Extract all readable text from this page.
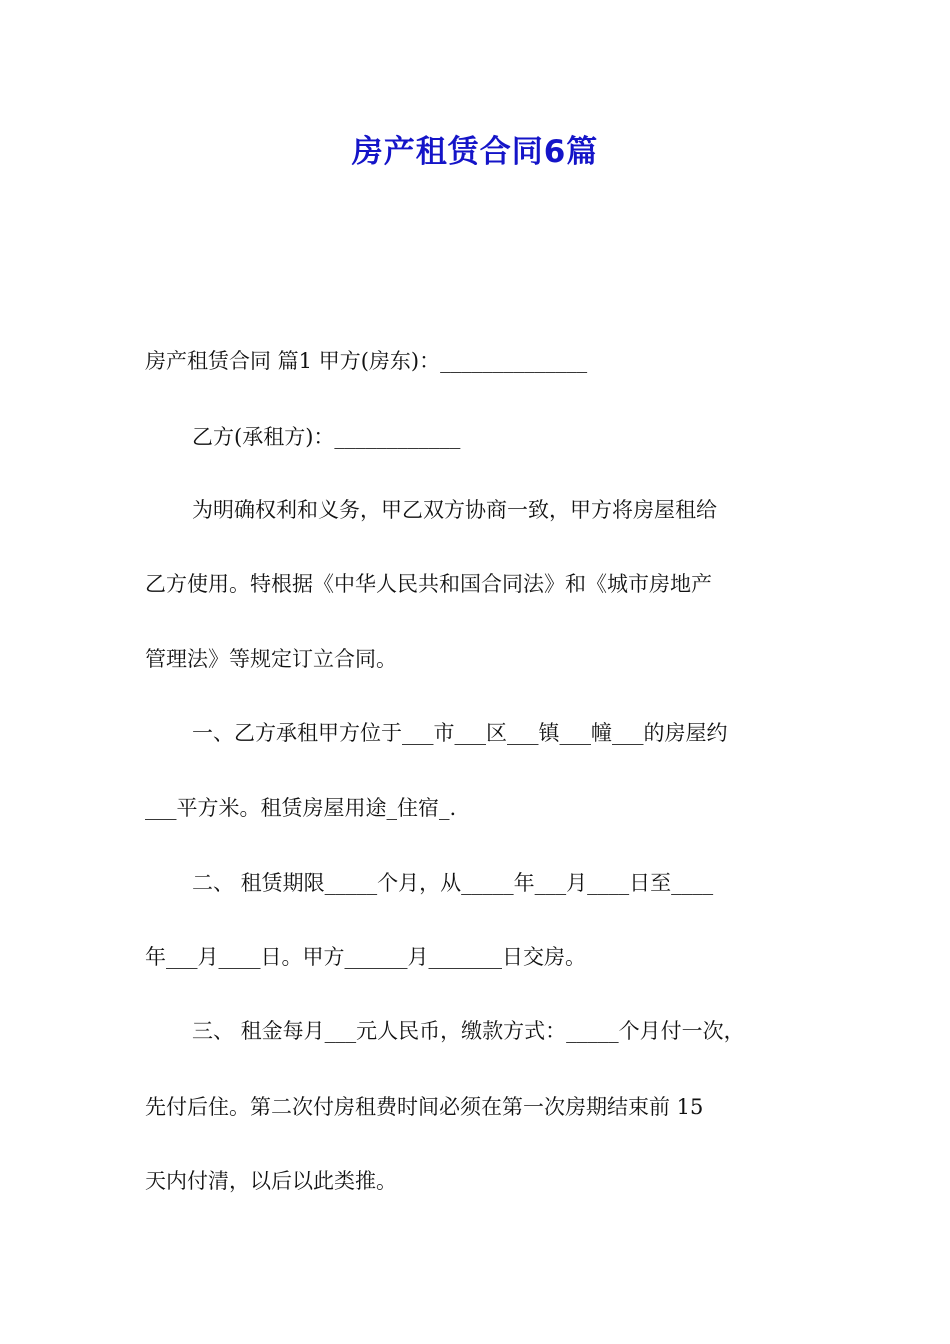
房产租赁合同6篇
房产租赁合同 篇1 甲方(房东)：______________
乙方(承租方)：____________
为明确权利和义务，甲乙双方协商一致，甲方将房屋租给
乙方使用。特根据《中华人民共和国合同法》和《城市房地产
管理法》等规定订立合同。
一、乙方承租甲方位于___市___区___镇___幢___的房屋约
___平方米。租赁房屋用途_住宿_.
二、 租赁期限_____个月，从_____年___月____日至____
年___月____日。甲方______月_______日交房。
三、 租金每月___元人民币，缴款方式：_____个月付一次，
先付后住。第二次付房租费时间必须在第一次房期结束前 15
天内付清，以后以此类推。
